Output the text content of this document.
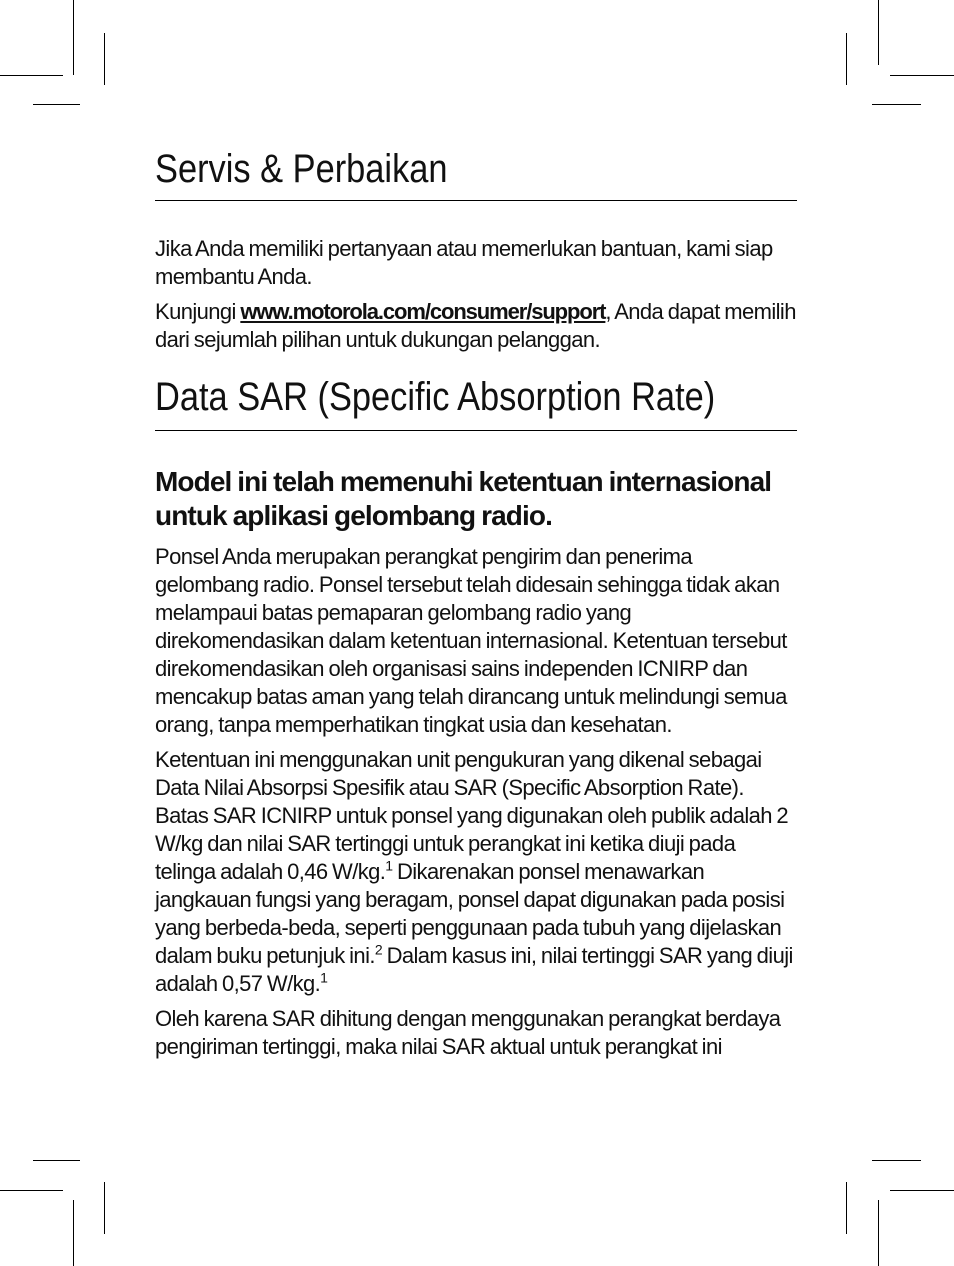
Servis & Perbaikan

Jika Anda memiliki pertanyaan atau memerlukan bantuan, kami siap membantu Anda.

Kunjungi www.motorola.com/consumer/support, Anda dapat memilih dari sejumlah pilihan untuk dukungan pelanggan.

Data SAR (Specific Absorption Rate)

Model ini telah memenuhi ketentuan internasional untuk aplikasi gelombang radio.

Ponsel Anda merupakan perangkat pengirim dan penerima gelombang radio. Ponsel tersebut telah didesain sehingga tidak akan melampaui batas pemaparan gelombang radio yang direkomendasikan dalam ketentuan internasional. Ketentuan tersebut direkomendasikan oleh organisasi sains independen ICNIRP dan mencakup batas aman yang telah dirancang untuk melindungi semua orang, tanpa memperhatikan tingkat usia dan kesehatan.

Ketentuan ini menggunakan unit pengukuran yang dikenal sebagai Data Nilai Absorpsi Spesifik atau SAR (Specific Absorption Rate). Batas SAR ICNIRP untuk ponsel yang digunakan oleh publik adalah 2 W/kg dan nilai SAR tertinggi untuk perangkat ini ketika diuji pada telinga adalah 0,46 W/kg.$^1$ Dikarenakan ponsel menawarkan jangkauan fungsi yang beragam, ponsel dapat digunakan pada posisi yang berbeda-beda, seperti penggunaan pada tubuh yang dijelaskan dalam buku petunjuk ini.$^2$ Dalam kasus ini, nilai tertinggi SAR yang diuji adalah 0,57 W/kg.$^1$

Oleh karena SAR dihitung dengan menggunakan perangkat berdaya pengiriman tertinggi, maka nilai SAR aktual untuk perangkat ini
